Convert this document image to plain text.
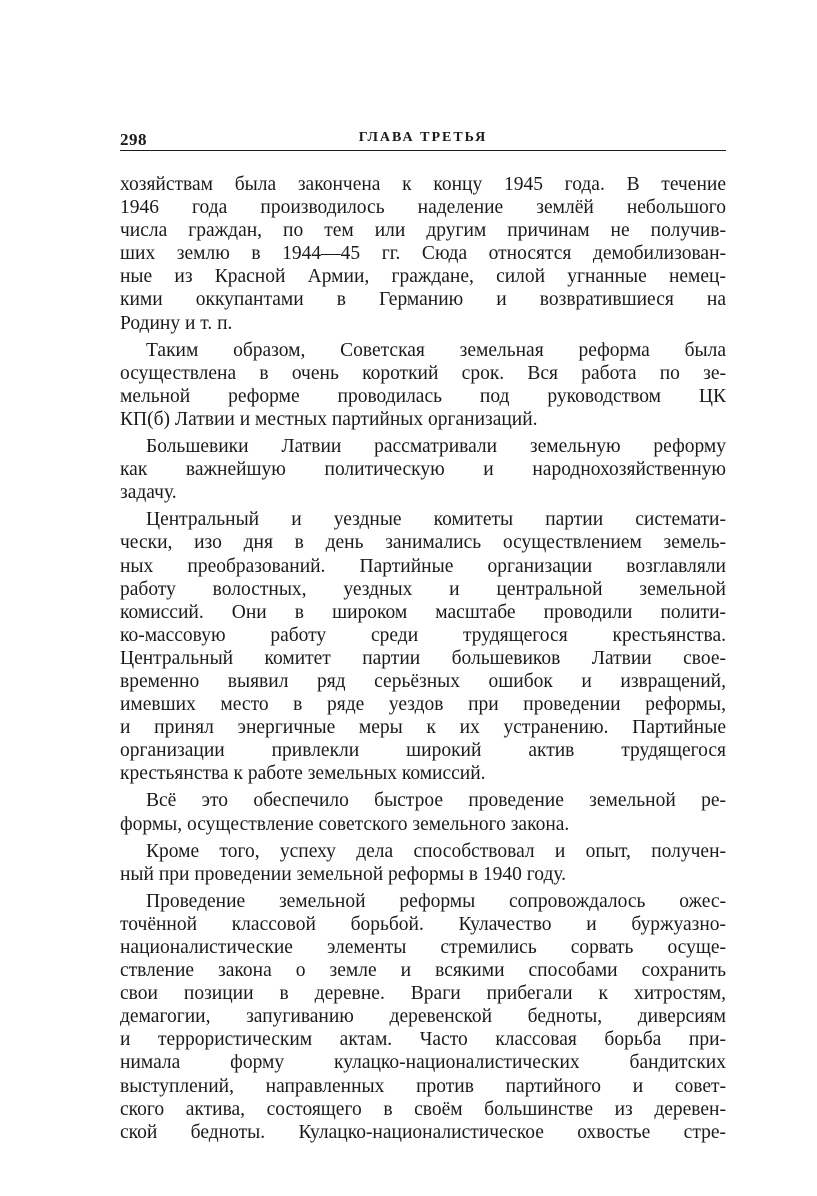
298	ГЛАВА ТРЕТЬЯ

хозяйствам была закончена к концу 1945 года. В течение
1946 года производилось наделение землёй небольшого
числа граждан, по тем или другим причинам не получив-
ших землю в 1944—45 гг. Сюда относятся демобилизован-
ные из Красной Армии, граждане, силой угнанные немец-
кими оккупантами в Германию и возвратившиеся на
Родину и т. п.

Таким образом, Советская земельная реформа была
осуществлена в очень короткий срок. Вся работа по зе-
мельной реформе проводилась под руководством ЦК
КП(б) Латвии и местных партийных организаций.

Большевики Латвии рассматривали земельную реформу
как важнейшую политическую и народнохозяйственную
задачу.

Центральный и уездные комитеты партии системати-
чески, изо дня в день занимались осуществлением земель-
ных преобразований. Партийные организации возглавляли
работу волостных, уездных и центральной земельной
комиссий. Они в широком масштабе проводили полити-
ко-массовую работу среди трудящегося крестьянства.
Центральный комитет партии большевиков Латвии свое-
временно выявил ряд серьёзных ошибок и извращений,
имевших место в ряде уездов при проведении реформы,
и принял энергичные меры к их устранению. Партийные
организации привлекли широкий актив трудящегося
крестьянства к работе земельных комиссий.

Всё это обеспечило быстрое проведение земельной ре-
формы, осуществление советского земельного закона.

Кроме того, успеху дела способствовал и опыт, получен-
ный при проведении земельной реформы в 1940 году.

Проведение земельной реформы сопровождалось ожес-
точённой классовой борьбой. Кулачество и буржуазно-
националистические элементы стремились сорвать осуще-
ствление закона о земле и всякими способами сохранить
свои позиции в деревне. Враги прибегали к хитростям,
демагогии, запугиванию деревенской бедноты, диверсиям
и террористическим актам. Часто классовая борьба при-
нимала форму кулацко-националистических бандитских
выступлений, направленных против партийного и совет-
ского актива, состоящего в своём большинстве из деревен-
ской бедноты. Кулацко-националистическое охвостье стре-
